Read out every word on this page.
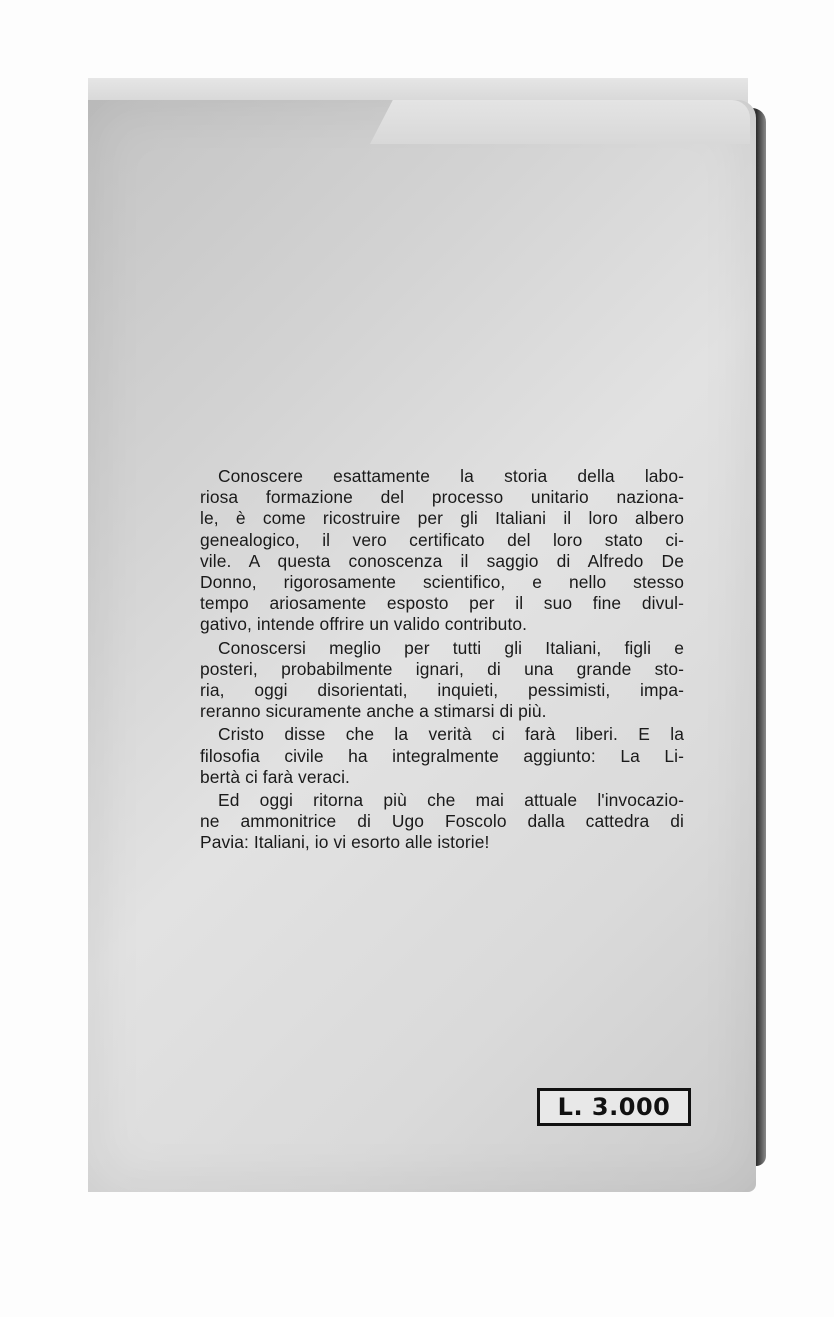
Conoscere esattamente la storia della labo-
riosa formazione del processo unitario naziona-
le, è come ricostruire per gli Italiani il loro albero
genealogico, il vero certificato del loro stato ci-
vile. A questa conoscenza il saggio di Alfredo De
Donno, rigorosamente scientifico, e nello stesso
tempo ariosamente esposto per il suo fine divul-
gativo, intende offrire un valido contributo.

Conoscersi meglio per tutti gli Italiani, figli e
posteri, probabilmente ignari, di una grande sto-
ria, oggi disorientati, inquieti, pessimisti, impa-
reranno sicuramente anche a stimarsi di più.

Cristo disse che la verità ci farà liberi. E la
filosofia civile ha integralmente aggiunto: La Li-
bertà ci farà veraci.

Ed oggi ritorna più che mai attuale l'invocazio-
ne ammonitrice di Ugo Foscolo dalla cattedra di
Pavia: Italiani, io vi esorto alle istorie!

L. 3.000
